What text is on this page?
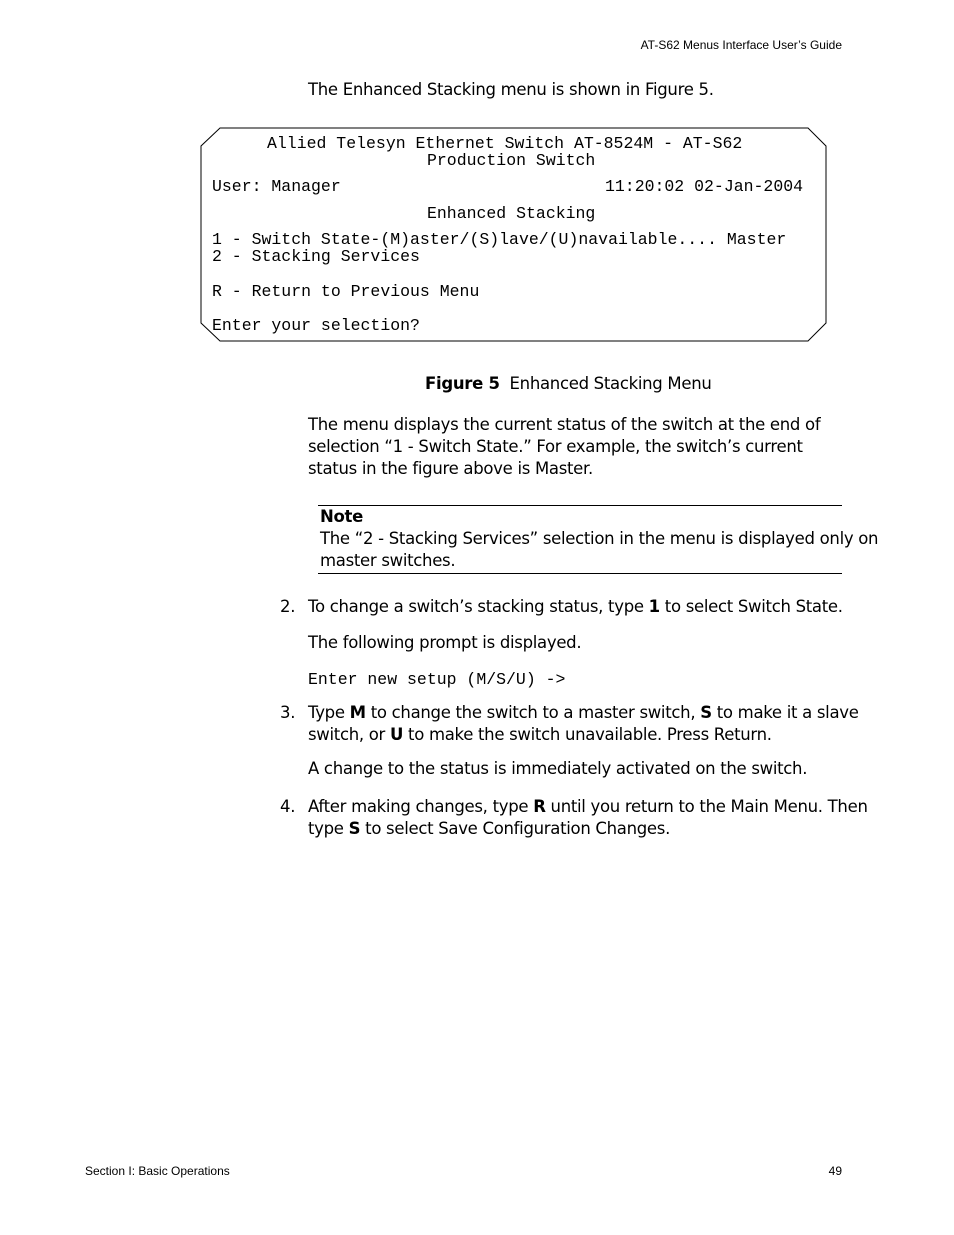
AT-S62 Menus Interface User’s Guide
The Enhanced Stacking menu is shown in Figure 5.
Allied Telesyn Ethernet Switch AT-8524M - AT-S62
Production Switch
User: Manager	11:20:02 02-Jan-2004
Enhanced Stacking
1 - Switch State-(M)aster/(S)lave/(U)navailable.... Master
2 - Stacking Services
R - Return to Previous Menu
Enter your selection?
Figure 5 Enhanced Stacking Menu
The menu displays the current status of the switch at the end of
selection “1 - Switch State.” For example, the switch’s current
status in the figure above is Master.
Note
The “2 - Stacking Services” selection in the menu is displayed only on
master switches.
2. To change a switch’s stacking status, type 1 to select Switch State.
The following prompt is displayed.
Enter new setup (M/S/U) ->
3. Type M to change the switch to a master switch, S to make it a slave
switch, or U to make the switch unavailable. Press Return.
A change to the status is immediately activated on the switch.
4. After making changes, type R until you return to the Main Menu. Then
type S to select Save Configuration Changes.
Section I: Basic Operations	49
